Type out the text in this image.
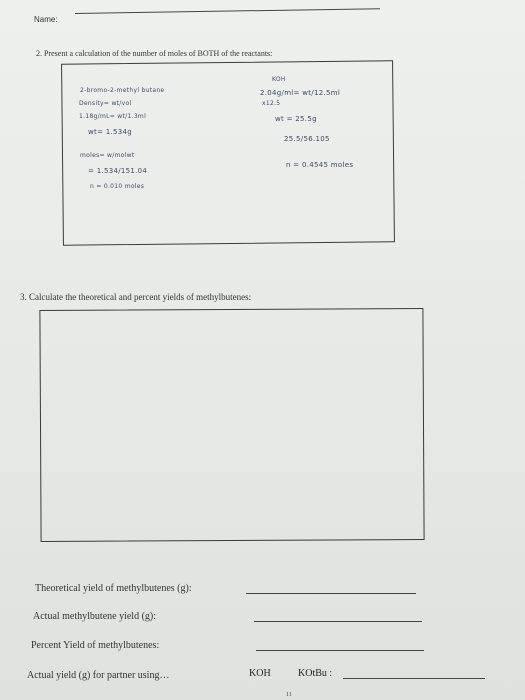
Name:
2. Present a calculation of the number of moles of BOTH of the reactants:
2-bromo-2-methyl butane
Density= wt/vol
1.18g/mL= wt/1.3ml
wt= 1.534g
moles= w/molwt
= 1.534/151.04
n = 0.010 moles
KOH
2.04g/ml= wt/12.5ml
x12.5
wt = 25.5g
25.5/56.105
n = 0.4545 moles
3. Calculate the theoretical and percent yields of methylbutenes:
Theoretical yield of methylbutenes (g):
Actual methylbutene yield (g):
Percent Yield of methylbutenes:
Actual yield (g) for partner using…	KOH	KOtBu :
11
